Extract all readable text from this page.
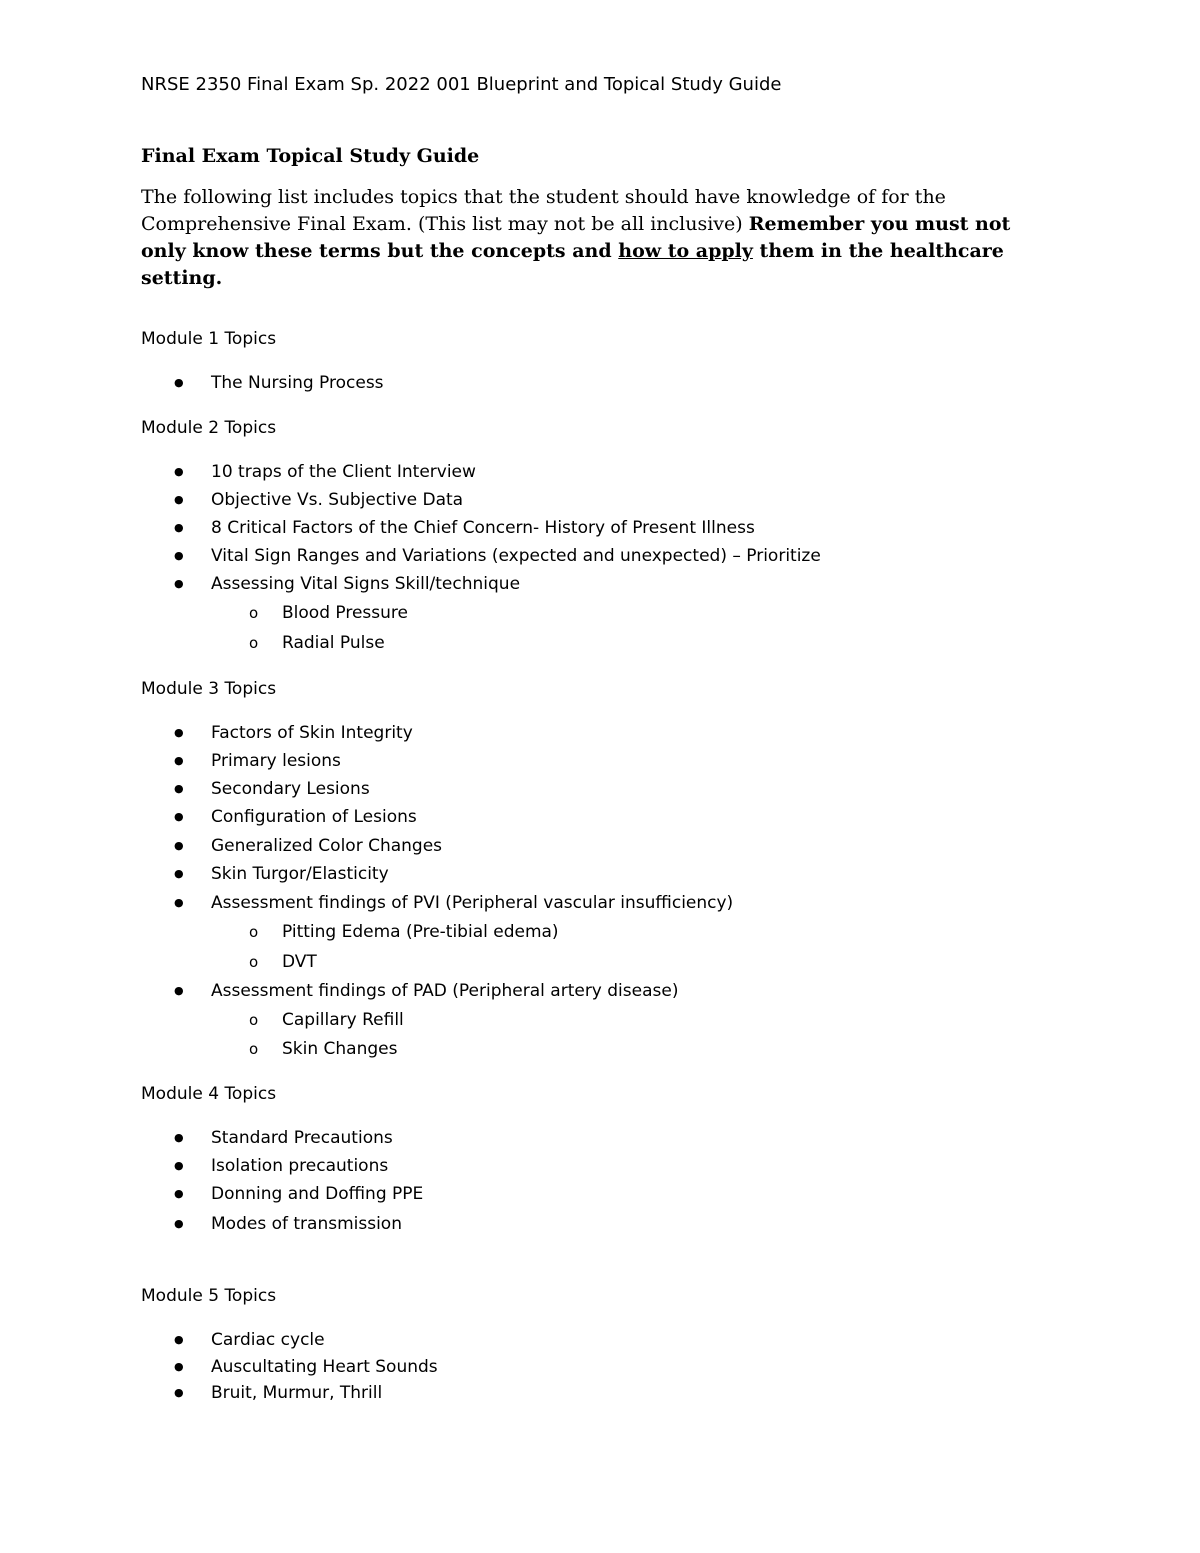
NRSE 2350 Final Exam Sp. 2022 001 Blueprint and Topical Study Guide
Final Exam Topical Study Guide
The following list includes topics that the student should have knowledge of for the Comprehensive Final Exam. (This list may not be all inclusive) Remember you must not only know these terms but the concepts and how to apply them in the healthcare setting.
Module 1 Topics
● The Nursing Process
Module 2 Topics
● 10 traps of the Client Interview
● Objective Vs. Subjective Data
● 8 Critical Factors of the Chief Concern- History of Present Illness
● Vital Sign Ranges and Variations (expected and unexpected) – Prioritize
● Assessing Vital Signs Skill/technique
o Blood Pressure
o Radial Pulse
Module 3 Topics
● Factors of Skin Integrity
● Primary lesions
● Secondary Lesions
● Configuration of Lesions
● Generalized Color Changes
● Skin Turgor/Elasticity
● Assessment findings of PVI (Peripheral vascular insufficiency)
o Pitting Edema (Pre-tibial edema)
o DVT
● Assessment findings of PAD (Peripheral artery disease)
o Capillary Refill
o Skin Changes
Module 4 Topics
● Standard Precautions
● Isolation precautions
● Donning and Doffing PPE
● Modes of transmission
Module 5 Topics
● Cardiac cycle
● Auscultating Heart Sounds
● Bruit, Murmur, Thrill
